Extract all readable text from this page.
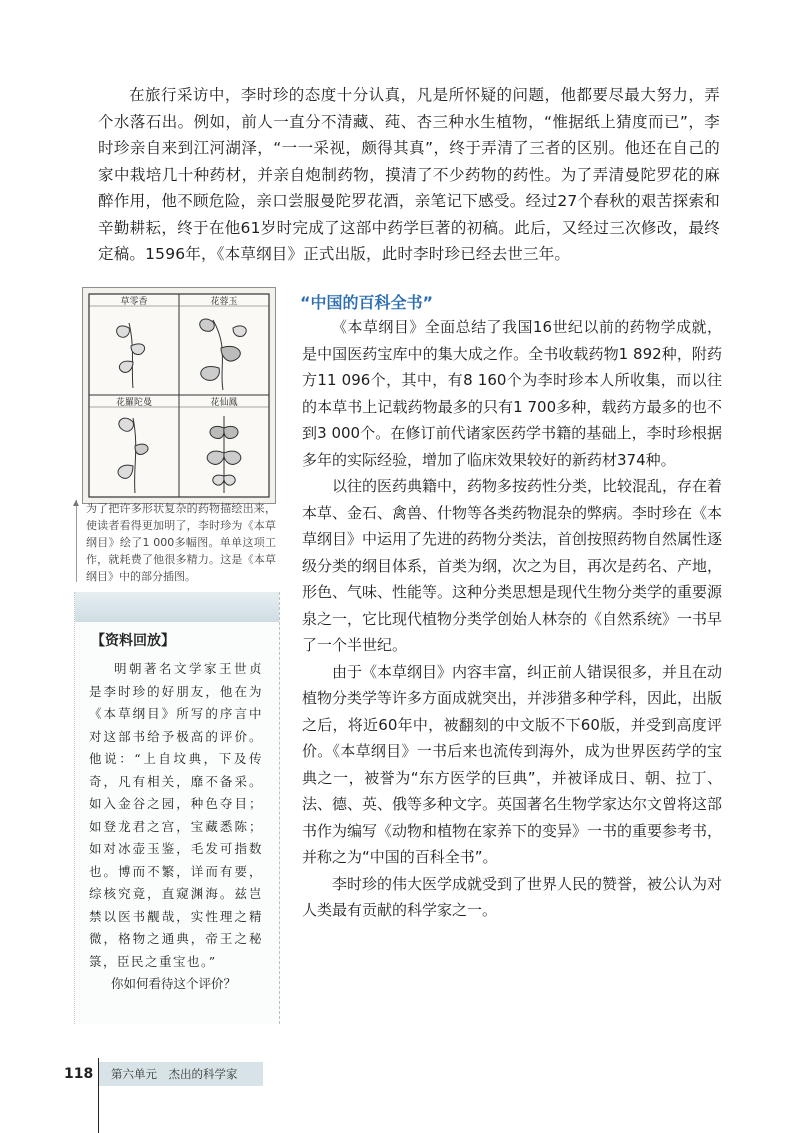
在旅行采访中，李时珍的态度十分认真，凡是所怀疑的问题，他都要尽最大努力，弄个水落石出。例如，前人一直分不清藏、莼、杏三种水生植物，“惟据纸上猜度而已”，李时珍亲自来到江河湖泽，“一一采视，颇得其真”，终于弄清了三者的区别。他还在自己的家中栽培几十种药材，并亲自炮制药物，摸清了不少药物的药性。为了弄清曼陀罗花的麻醉作用，他不顾危险，亲口尝服曼陀罗花酒，亲笔记下感受。经过27个春秋的艰苦探索和辛勤耕耘，终于在他61岁时完成了这部中药学巨著的初稿。此后，又经过三次修改，最终定稿。1596年，《本草纲目》正式出版，此时李时珍已经去世三年。

草零香	花蓉玉
花羅陀曼	花仙鳳
为了把许多形状复杂的药物描绘出来，使读者看得更加明了，李时珍为《本草纲目》绘了1 000多幅图。单单这项工作，就耗费了他很多精力。这是《本草纲目》中的部分插图。
【资料回放】

明朝著名文学家王世贞是李时珍的好朋友，他在为《本草纲目》所写的序言中对这部书给予极高的评价。他说：“上自坟典，下及传奇，凡有相关，靡不备采。如入金谷之园，种色夺目；如登龙君之宫，宝藏悉陈；如对冰壶玉鉴，毛发可指数也。博而不繁，详而有要，综核究竟，直窥渊海。兹岂禁以医书觏哉，实性理之精微，格物之通典，帝王之秘箓，臣民之重宝也。”

你如何看待这个评价？
“中国的百科全书”

《本草纲目》全面总结了我国16世纪以前的药物学成就，是中国医药宝库中的集大成之作。全书收载药物1 892种，附药方11 096个，其中，有8 160个为李时珍本人所收集，而以往的本草书上记载药物最多的只有1 700多种，载药方最多的也不到3 000个。在修订前代诸家医药学书籍的基础上，李时珍根据多年的实际经验，增加了临床效果较好的新药材374种。

以往的医药典籍中，药物多按药性分类，比较混乱，存在着本草、金石、禽兽、什物等各类药物混杂的弊病。李时珍在《本草纲目》中运用了先进的药物分类法，首创按照药物自然属性逐级分类的纲目体系，首类为纲，次之为目，再次是药名、产地，形色、气味、性能等。这种分类思想是现代生物分类学的重要源泉之一，它比现代植物分类学创始人林奈的《自然系统》一书早了一个半世纪。

由于《本草纲目》内容丰富，纠正前人错误很多，并且在动植物分类学等许多方面成就突出，并涉猎多种学科，因此，出版之后，将近60年中，被翻刻的中文版不下60版，并受到高度评价。《本草纲目》一书后来也流传到海外，成为世界医药学的宝典之一，被誉为“东方医学的巨典”，并被译成日、朝、拉丁、法、德、英、俄等多种文字。英国著名生物学家达尔文曾将这部书作为编写《动物和植物在家养下的变异》一书的重要参考书，并称之为“中国的百科全书”。

李时珍的伟大医学成就受到了世界人民的赞誉，被公认为对人类最有贡献的科学家之一。

118	第六单元　杰出的科学家
